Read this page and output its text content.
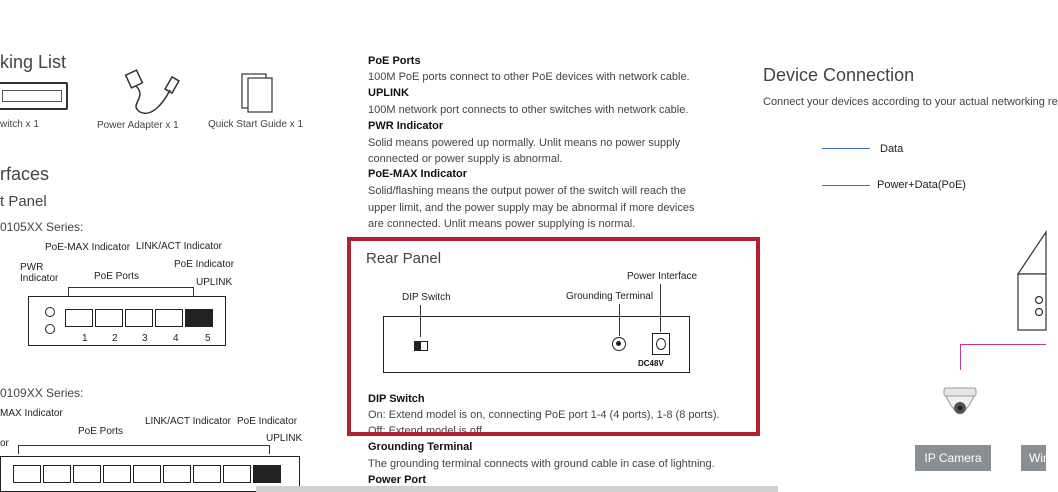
king List
witch x 1	Power Adapter x 1	Quick Start Guide x 1
rfaces
t Panel
0105XX Series:
PoE-MAX Indicator LINK/ACT Indicator
PWR
Indicator	PoE Ports
PoE Indicator
UPLINK
1 2 3	4	5
0109XX Series:
MAX Indicator
PoE Ports
LINK/ACT Indicator PoE Indicator
UPLINK
or
PoE Ports
100M PoE ports connect to other PoE devices with network cable.
UPLINK
100M network port connects to other switches with network cable.
PWR Indicator
Solid means powered up normally. Unlit means no power supply
connected or power supply is abnormal.
PoE-MAX Indicator
Solid/flashing means the output power of the switch will reach the
upper limit, and the power supply may be abnormal if more devices
are connected. Unlit means power supplying is normal.
Rear Panel
Power Interface
DIP Switch	Grounding Terminal
DC48V
DIP Switch
On: Extend model is on, connecting PoE port 1-4 (4 ports), 1-8 (8 ports).
Off: Extend model is off.
Grounding Terminal
The grounding terminal connects with ground cable in case of lightning.
Power Port
Device Connection
Connect your devices according to your actual networking re
Data
Power+Data(PoE)
IP Camera	Win
